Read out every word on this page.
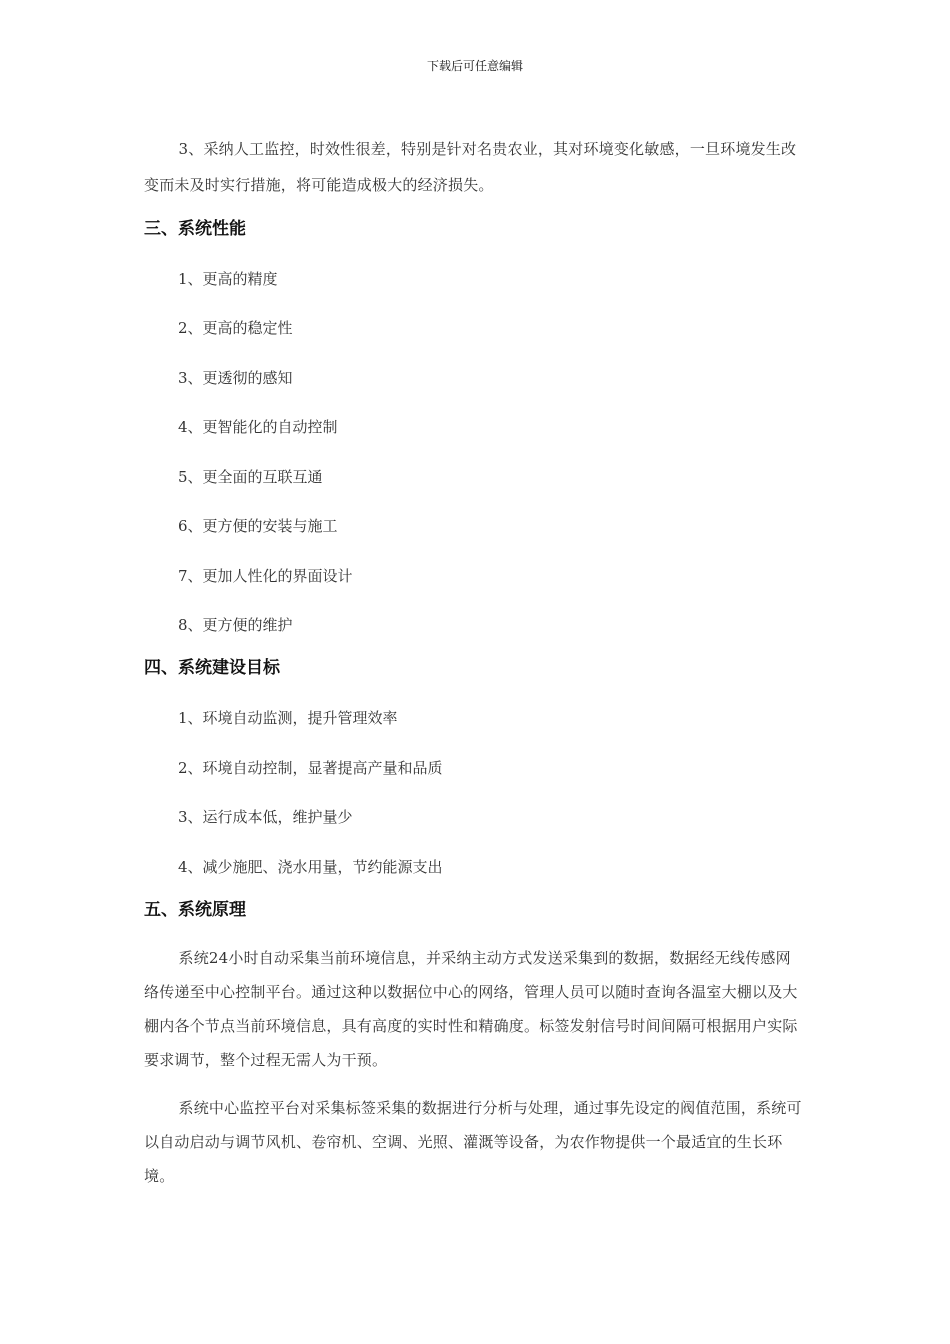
下载后可任意编辑

3、采纳人工监控，时效性很差，特别是针对名贵农业，其对环境变化敏感，一旦环境发生改变而未及时实行措施，将可能造成极大的经济损失。

三、系统性能
1、更高的精度
2、更高的稳定性
3、更透彻的感知
4、更智能化的自动控制
5、更全面的互联互通
6、更方便的安装与施工
7、更加人性化的界面设计
8、更方便的维护
四、系统建设目标
1、环境自动监测，提升管理效率
2、环境自动控制，显著提高产量和品质
3、运行成本低，维护量少
4、减少施肥、浇水用量，节约能源支出
五、系统原理

系统24小时自动采集当前环境信息，并采纳主动方式发送采集到的数据，数据经无线传感网络传递至中心控制平台。通过这种以数据位中心的网络，管理人员可以随时查询各温室大棚以及大棚内各个节点当前环境信息，具有高度的实时性和精确度。标签发射信号时间间隔可根据用户实际要求调节，整个过程无需人为干预。

系统中心监控平台对采集标签采集的数据进行分析与处理，通过事先设定的阀值范围，系统可以自动启动与调节风机、卷帘机、空调、光照、灌溉等设备，为农作物提供一个最适宜的生长环境。
